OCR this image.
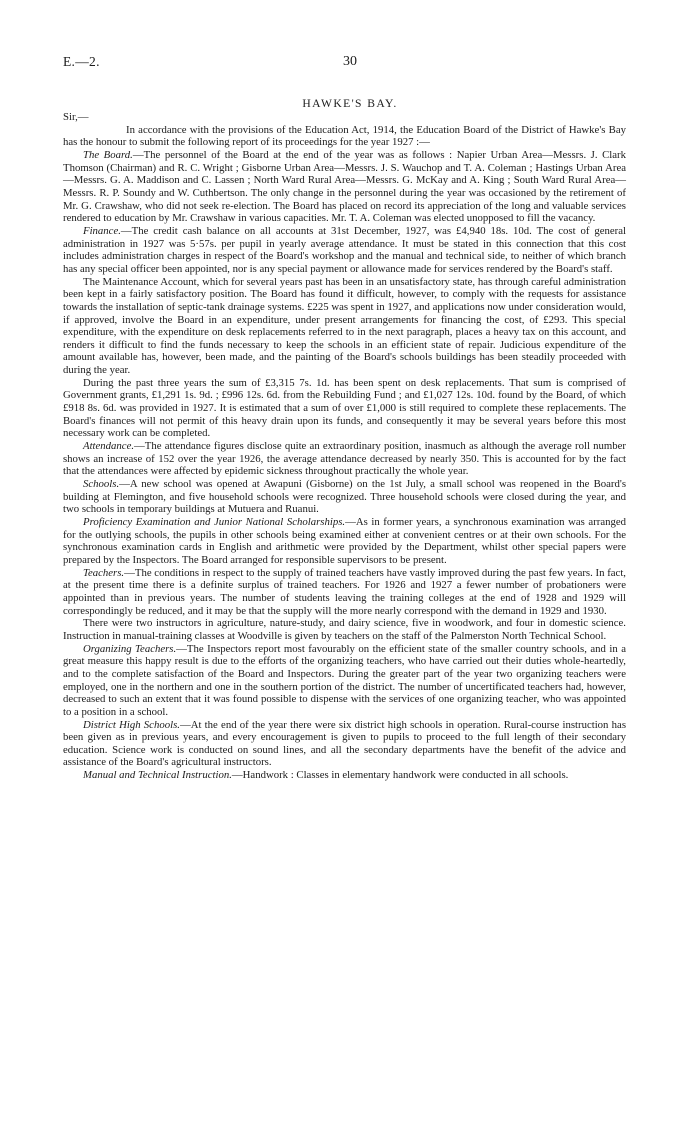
E.—2.	30
HAWKE'S BAY.

Sir,—

In accordance with the provisions of the Education Act, 1914, the Education Board of the District of Hawke's Bay has the honour to submit the following report of its proceedings for the year 1927 :—

The Board.—The personnel of the Board at the end of the year was as follows : Napier Urban Area—Messrs. J. Clark Thomson (Chairman) and R. C. Wright ; Gisborne Urban Area—Messrs. J. S. Wauchop and T. A. Coleman ; Hastings Urban Area—Messrs. G. A. Maddison and C. Lassen ; North Ward Rural Area—Messrs. G. McKay and A. King ; South Ward Rural Area—Messrs. R. P. Soundy and W. Cuthbertson. The only change in the personnel during the year was occasioned by the retirement of Mr. G. Crawshaw, who did not seek re-election. The Board has placed on record its appreciation of the long and valuable services rendered to education by Mr. Crawshaw in various capacities. Mr. T. A. Coleman was elected unopposed to fill the vacancy.

Finance.—The credit cash balance on all accounts at 31st December, 1927, was £4,940 18s. 10d. The cost of general administration in 1927 was 5·57s. per pupil in yearly average attendance. It must be stated in this connection that this cost includes administration charges in respect of the Board's workshop and the manual and technical side, to neither of which branch has any special officer been appointed, nor is any special payment or allowance made for services rendered by the Board's staff.

The Maintenance Account, which for several years past has been in an unsatisfactory state, has through careful administration been kept in a fairly satisfactory position. The Board has found it difficult, however, to comply with the requests for assistance towards the installation of septic-tank drainage systems. £225 was spent in 1927, and applications now under consideration would, if approved, involve the Board in an expenditure, under present arrangements for financing the cost, of £293. This special expenditure, with the expenditure on desk replacements referred to in the next paragraph, places a heavy tax on this account, and renders it difficult to find the funds necessary to keep the schools in an efficient state of repair. Judicious expenditure of the amount available has, however, been made, and the painting of the Board's schools buildings has been steadily proceeded with during the year.

During the past three years the sum of £3,315 7s. 1d. has been spent on desk replacements. That sum is comprised of Government grants, £1,291 1s. 9d. ; £996 12s. 6d. from the Rebuilding Fund ; and £1,027 12s. 10d. found by the Board, of which £918 8s. 6d. was provided in 1927. It is estimated that a sum of over £1,000 is still required to complete these replacements. The Board's finances will not permit of this heavy drain upon its funds, and consequently it may be several years before this most necessary work can be completed.

Attendance.—The attendance figures disclose quite an extraordinary position, inasmuch as although the average roll number shows an increase of 152 over the year 1926, the average attendance decreased by nearly 350. This is accounted for by the fact that the attendances were affected by epidemic sickness throughout practically the whole year.

Schools.—A new school was opened at Awapuni (Gisborne) on the 1st July, a small school was reopened in the Board's building at Flemington, and five household schools were recognized. Three household schools were closed during the year, and two schools in temporary buildings at Mutuera and Ruanui.

Proficiency Examination and Junior National Scholarships.—As in former years, a synchronous examination was arranged for the outlying schools, the pupils in other schools being examined either at convenient centres or at their own schools. For the synchronous examination cards in English and arithmetic were provided by the Department, whilst other special papers were prepared by the Inspectors. The Board arranged for responsible supervisors to be present.

Teachers.—The conditions in respect to the supply of trained teachers have vastly improved during the past few years. In fact, at the present time there is a definite surplus of trained teachers. For 1926 and 1927 a fewer number of probationers were appointed than in previous years. The number of students leaving the training colleges at the end of 1928 and 1929 will correspondingly be reduced, and it may be that the supply will the more nearly correspond with the demand in 1929 and 1930.

There were two instructors in agriculture, nature-study, and dairy science, five in woodwork, and four in domestic science. Instruction in manual-training classes at Woodville is given by teachers on the staff of the Palmerston North Technical School.

Organizing Teachers.—The Inspectors report most favourably on the efficient state of the smaller country schools, and in a great measure this happy result is due to the efforts of the organizing teachers, who have carried out their duties whole-heartedly, and to the complete satisfaction of the Board and Inspectors. During the greater part of the year two organizing teachers were employed, one in the northern and one in the southern portion of the district. The number of uncertificated teachers had, however, decreased to such an extent that it was found possible to dispense with the services of one organizing teacher, who was appointed to a position in a school.

District High Schools.—At the end of the year there were six district high schools in operation. Rural-course instruction has been given as in previous years, and every encouragement is given to pupils to proceed to the full length of their secondary education. Science work is conducted on sound lines, and all the secondary departments have the benefit of the advice and assistance of the Board's agricultural instructors.

Manual and Technical Instruction.—Handwork : Classes in elementary handwork were conducted in all schools.
